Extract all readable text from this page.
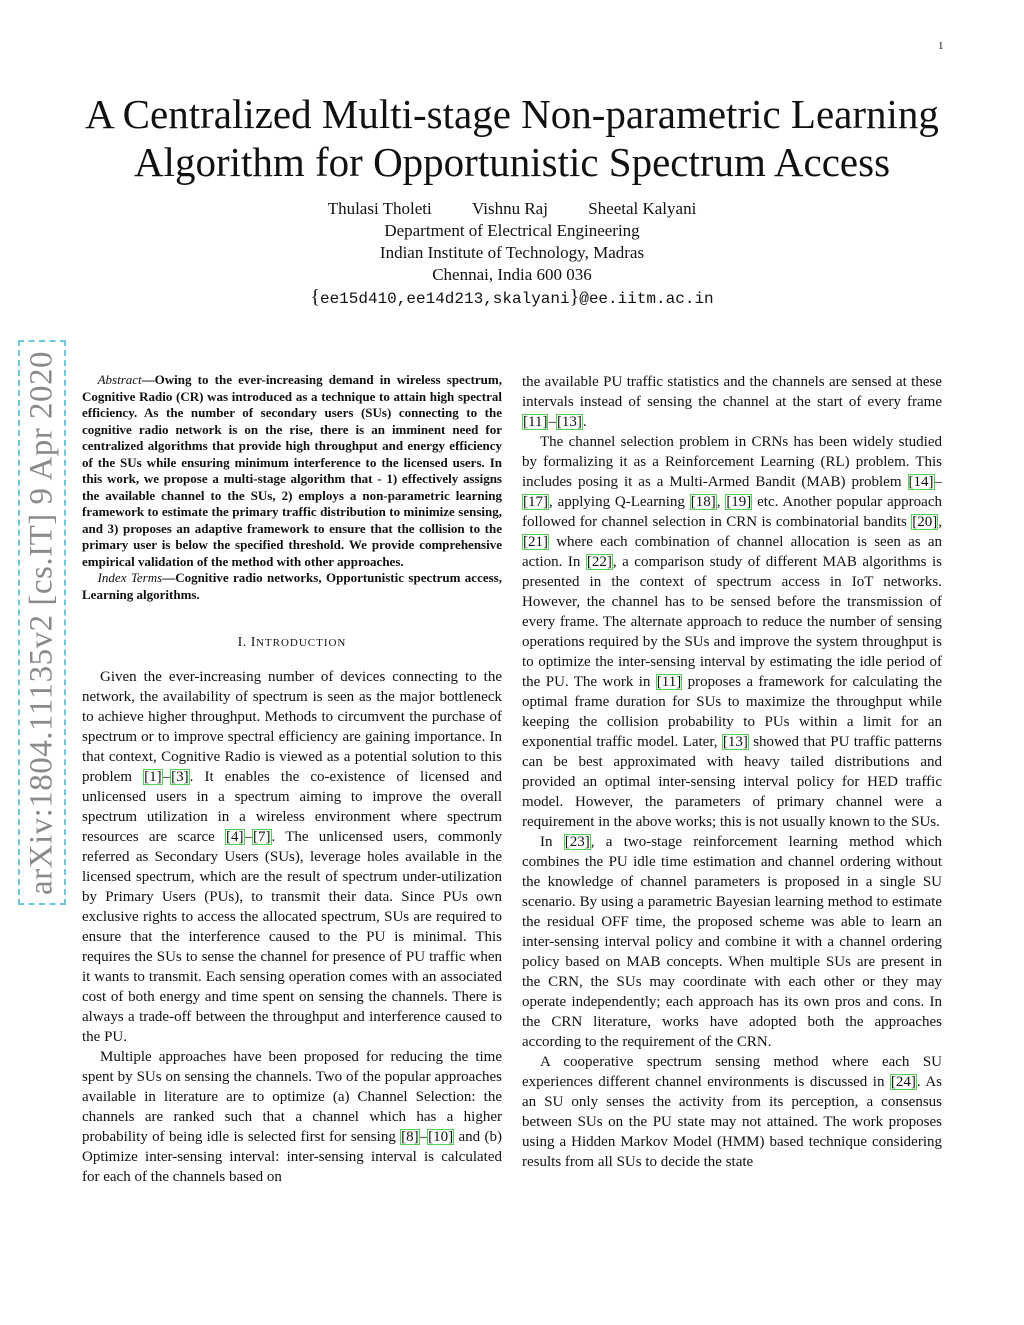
1
arXiv:1804.11135v2 [cs.IT] 9 Apr 2020
A Centralized Multi-stage Non-parametric Learning
Algorithm for Opportunistic Spectrum Access
Thulasi Tholeti Vishnu Raj Sheetal Kalyani
Department of Electrical Engineering
Indian Institute of Technology, Madras
Chennai, India 600 036
{ee15d410,ee14d213,skalyani}@ee.iitm.ac.in

Abstract—Owing to the ever-increasing demand in wireless spectrum, Cognitive Radio (CR) was introduced as a technique to attain high spectral efficiency. As the number of secondary users (SUs) connecting to the cognitive radio network is on the rise, there is an imminent need for centralized algorithms that provide high throughput and energy efficiency of the SUs while ensuring minimum interference to the licensed users. In this work, we propose a multi-stage algorithm that - 1) effectively assigns the available channel to the SUs, 2) employs a non-parametric learning framework to estimate the primary traffic distribution to minimize sensing, and 3) proposes an adaptive framework to ensure that the collision to the primary user is below the specified threshold. We provide comprehensive empirical validation of the method with other approaches.

Index Terms—Cognitive radio networks, Opportunistic spectrum access, Learning algorithms.

I. INTRODUCTION

Given the ever-increasing number of devices connecting to the network, the availability of spectrum is seen as the major bottleneck to achieve higher throughput. Methods to circumvent the purchase of spectrum or to improve spectral efficiency are gaining importance. In that context, Cognitive Radio is viewed as a potential solution to this problem [1]–[3]. It enables the co-existence of licensed and unlicensed users in a spectrum aiming to improve the overall spectrum utilization in a wireless environment where spectrum resources are scarce [4]–[7]. The unlicensed users, commonly referred as Secondary Users (SUs), leverage holes available in the licensed spectrum, which are the result of spectrum under-utilization by Primary Users (PUs), to transmit their data. Since PUs own exclusive rights to access the allocated spectrum, SUs are required to ensure that the interference caused to the PU is minimal. This requires the SUs to sense the channel for presence of PU traffic when it wants to transmit. Each sensing operation comes with an associated cost of both energy and time spent on sensing the channels. There is always a trade-off between the throughput and interference caused to the PU.

Multiple approaches have been proposed for reducing the time spent by SUs on sensing the channels. Two of the popular approaches available in literature are to optimize (a) Channel Selection: the channels are ranked such that a channel which has a higher probability of being idle is selected first for sensing [8]–[10] and (b) Optimize inter-sensing interval: inter-sensing interval is calculated for each of the channels based on

the available PU traffic statistics and the channels are sensed at these intervals instead of sensing the channel at the start of every frame [11]–[13].

The channel selection problem in CRNs has been widely studied by formalizing it as a Reinforcement Learning (RL) problem. This includes posing it as a Multi-Armed Bandit (MAB) problem [14]–[17], applying Q-Learning [18], [19] etc. Another popular approach followed for channel selection in CRN is combinatorial bandits [20], [21] where each combination of channel allocation is seen as an action. In [22], a comparison study of different MAB algorithms is presented in the context of spectrum access in IoT networks. However, the channel has to be sensed before the transmission of every frame. The alternate approach to reduce the number of sensing operations required by the SUs and improve the system throughput is to optimize the inter-sensing interval by estimating the idle period of the PU. The work in [11] proposes a framework for calculating the optimal frame duration for SUs to maximize the throughput while keeping the collision probability to PUs within a limit for an exponential traffic model. Later, [13] showed that PU traffic patterns can be best approximated with heavy tailed distributions and provided an optimal inter-sensing interval policy for HED traffic model. However, the parameters of primary channel were a requirement in the above works; this is not usually known to the SUs.

In [23], a two-stage reinforcement learning method which combines the PU idle time estimation and channel ordering without the knowledge of channel parameters is proposed in a single SU scenario. By using a parametric Bayesian learning method to estimate the residual OFF time, the proposed scheme was able to learn an inter-sensing interval policy and combine it with a channel ordering policy based on MAB concepts. When multiple SUs are present in the CRN, the SUs may coordinate with each other or they may operate independently; each approach has its own pros and cons. In the CRN literature, works have adopted both the approaches according to the requirement of the CRN.

A cooperative spectrum sensing method where each SU experiences different channel environments is discussed in [24]. As an SU only senses the activity from its perception, a consensus between SUs on the PU state may not attained. The work proposes using a Hidden Markov Model (HMM) based technique considering results from all SUs to decide the state
